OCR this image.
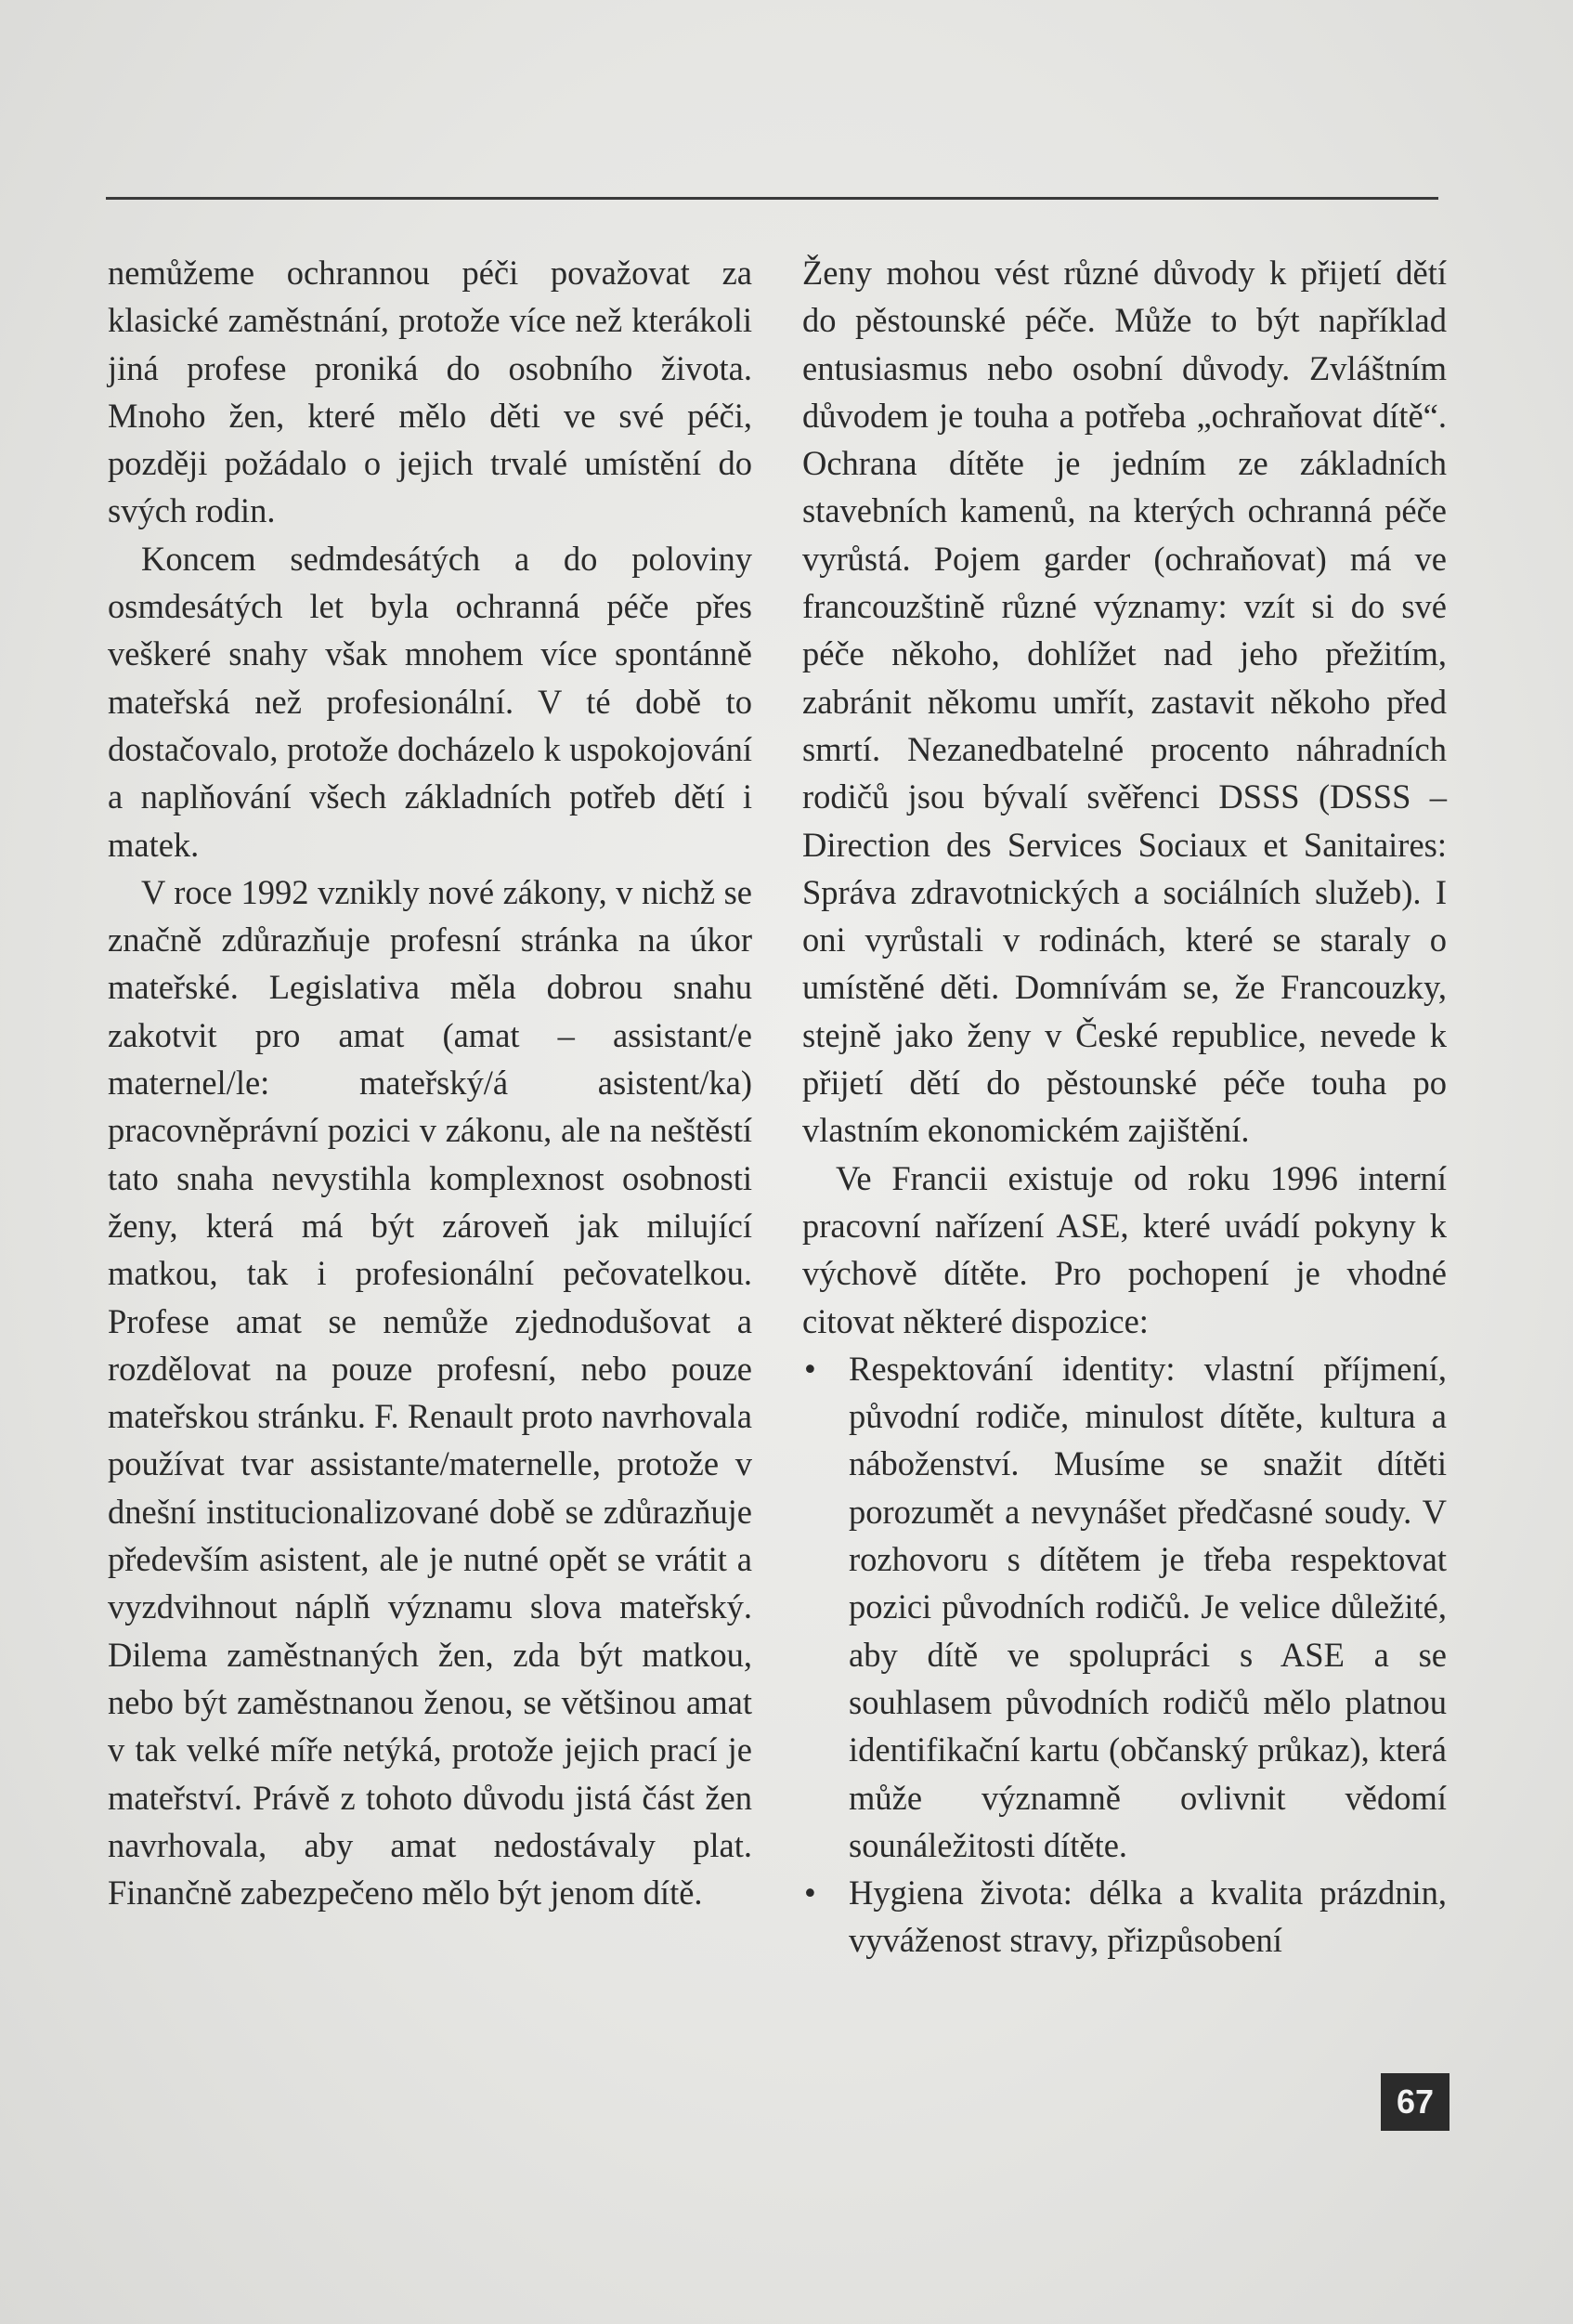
nemůžeme ochrannou péči považovat za klasické zaměstnání, protože více než kterákoli jiná profese proniká do osobního života. Mnoho žen, které mělo děti ve své péči, později požádalo o jejich trvalé umístění do svých rodin.

Koncem sedmdesátých a do poloviny osmdesátých let byla ochranná péče přes veškeré snahy však mnohem více spontánně mateřská než profesionální. V té době to dostačovalo, protože docházelo k uspokojování a naplňování všech základních potřeb dětí i matek.

V roce 1992 vznikly nové zákony, v nichž se značně zdůrazňuje profesní stránka na úkor mateřské. Legislativa měla dobrou snahu zakotvit pro amat (amat – assistant/e maternel/le: mateřský/á asistent/ka) pracovněprávní pozici v zákonu, ale na neštěstí tato snaha nevystihla komplexnost osobnosti ženy, která má být zároveň jak milující matkou, tak i profesionální pečovatelkou. Profese amat se nemůže zjednodušovat a rozdělovat na pouze profesní, nebo pouze mateřskou stránku. F. Renault proto navrhovala používat tvar assistante/maternelle, protože v dnešní institucionalizované době se zdůrazňuje především asistent, ale je nutné opět se vrátit a vyzdvihnout náplň významu slova mateřský. Dilema zaměstnaných žen, zda být matkou, nebo být zaměstnanou ženou, se většinou amat v tak velké míře netýká, protože jejich prací je mateřství. Právě z tohoto důvodu jistá část žen navrhovala, aby amat nedostávaly plat. Finančně zabezpečeno mělo být jenom dítě.

Ženy mohou vést různé důvody k přijetí dětí do pěstounské péče. Může to být například entusiasmus nebo osobní důvody. Zvláštním důvodem je touha a potřeba „ochraňovat dítě“. Ochrana dítěte je jedním ze základních stavebních kamenů, na kterých ochranná péče vyrůstá. Pojem garder (ochraňovat) má ve francouzštině různé významy: vzít si do své péče někoho, dohlížet nad jeho přežitím, zabránit někomu umřít, zastavit někoho před smrtí. Nezanedbatelné procento náhradních rodičů jsou bývalí svěřenci DSSS (DSSS – Direction des Services Sociaux et Sanitaires: Správa zdravotnických a sociálních služeb). I oni vyrůstali v rodinách, které se staraly o umístěné děti. Domnívám se, že Francouzky, stejně jako ženy v České republice, nevede k přijetí dětí do pěstounské péče touha po vlastním ekonomickém zajištění.

Ve Francii existuje od roku 1996 interní pracovní nařízení ASE, které uvádí pokyny k výchově dítěte. Pro pochopení je vhodné citovat některé dispozice:

• Respektování identity: vlastní příjmení, původní rodiče, minulost dítěte, kultura a náboženství. Musíme se snažit dítěti porozumět a nevynášet předčasné soudy. V rozhovoru s dítětem je třeba respektovat pozici původních rodičů. Je velice důležité, aby dítě ve spolupráci s ASE a se souhlasem původních rodičů mělo platnou identifikační kartu (občanský průkaz), která může významně ovlivnit vědomí sounáležitosti dítěte.
• Hygiena života: délka a kvalita prázdnin, vyváženost stravy, přizpůsobení
67
